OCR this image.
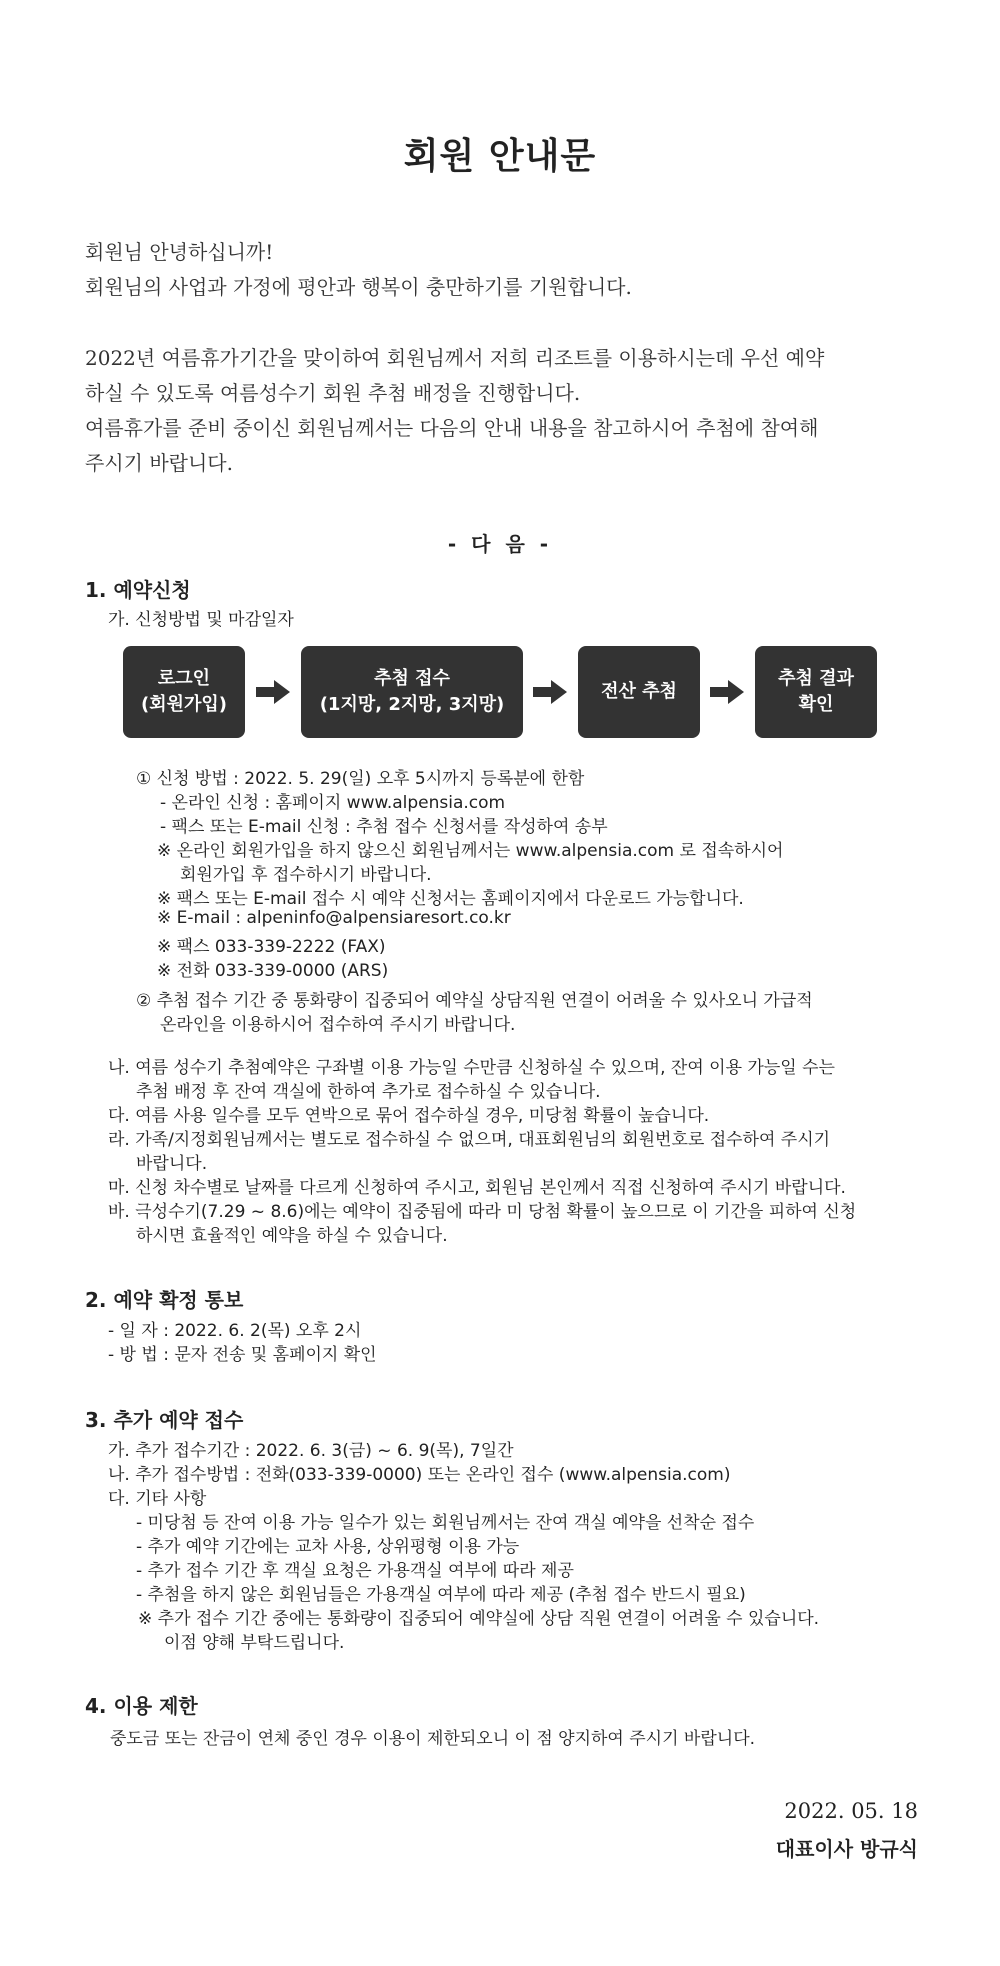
회원 안내문
회원님 안녕하십니까!
회원님의 사업과 가정에 평안과 행복이 충만하기를 기원합니다.
2022년 여름휴가기간을 맞이하여 회원님께서 저희 리조트를 이용하시는데 우선 예약
하실 수 있도록 여름성수기 회원 추첨 배정을 진행합니다.
여름휴가를 준비 중이신 회원님께서는 다음의 안내 내용을 참고하시어 추첨에 참여해
주시기 바랍니다.
- 다 음 -
1. 예약신청
가. 신청방법 및 마감일자
로그인
(회원가입)
추첨 접수
(1지망, 2지망, 3지망)
전산 추첨
추첨 결과
확인
① 신청 방법 : 2022. 5. 29(일) 오후 5시까지 등록분에 한함
- 온라인 신청 : 홈페이지 www.alpensia.com
- 팩스 또는 E-mail 신청 : 추첨 접수 신청서를 작성하여 송부
※ 온라인 회원가입을 하지 않으신 회원님께서는 www.alpensia.com 로 접속하시어
회원가입 후 접수하시기 바랍니다.
※ 팩스 또는 E-mail 접수 시 예약 신청서는 홈페이지에서 다운로드 가능합니다.
※ E-mail : alpeninfo@alpensiaresort.co.kr
※ 팩스 033-339-2222 (FAX)
※ 전화 033-339-0000 (ARS)
② 추첨 접수 기간 중 통화량이 집중되어 예약실 상담직원 연결이 어려울 수 있사오니 가급적
온라인을 이용하시어 접수하여 주시기 바랍니다.
나. 여름 성수기 추첨예약은 구좌별 이용 가능일 수만큼 신청하실 수 있으며, 잔여 이용 가능일 수는
추첨 배정 후 잔여 객실에 한하여 추가로 접수하실 수 있습니다.
다. 여름 사용 일수를 모두 연박으로 묶어 접수하실 경우, 미당첨 확률이 높습니다.
라. 가족/지정회원님께서는 별도로 접수하실 수 없으며, 대표회원님의 회원번호로 접수하여 주시기
바랍니다.
마. 신청 차수별로 날짜를 다르게 신청하여 주시고, 회원님 본인께서 직접 신청하여 주시기 바랍니다.
바. 극성수기(7.29 ~ 8.6)에는 예약이 집중됨에 따라 미 당첨 확률이 높으므로 이 기간을 피하여 신청
하시면 효율적인 예약을 하실 수 있습니다.
2. 예약 확정 통보
- 일 자 : 2022. 6. 2(목) 오후 2시
- 방 법 : 문자 전송 및 홈페이지 확인
3. 추가 예약 접수
가. 추가 접수기간 : 2022. 6. 3(금) ~ 6. 9(목), 7일간
나. 추가 접수방법 : 전화(033-339-0000) 또는 온라인 접수 (www.alpensia.com)
다. 기타 사항
- 미당첨 등 잔여 이용 가능 일수가 있는 회원님께서는 잔여 객실 예약을 선착순 접수
- 추가 예약 기간에는 교차 사용, 상위평형 이용 가능
- 추가 접수 기간 후 객실 요청은 가용객실 여부에 따라 제공
- 추첨을 하지 않은 회원님들은 가용객실 여부에 따라 제공 (추첨 접수 반드시 필요)
※ 추가 접수 기간 중에는 통화량이 집중되어 예약실에 상담 직원 연결이 어려울 수 있습니다.
이점 양해 부탁드립니다.
4. 이용 제한
중도금 또는 잔금이 연체 중인 경우 이용이 제한되오니 이 점 양지하여 주시기 바랍니다.
2022. 05. 18
대표이사 방규식
